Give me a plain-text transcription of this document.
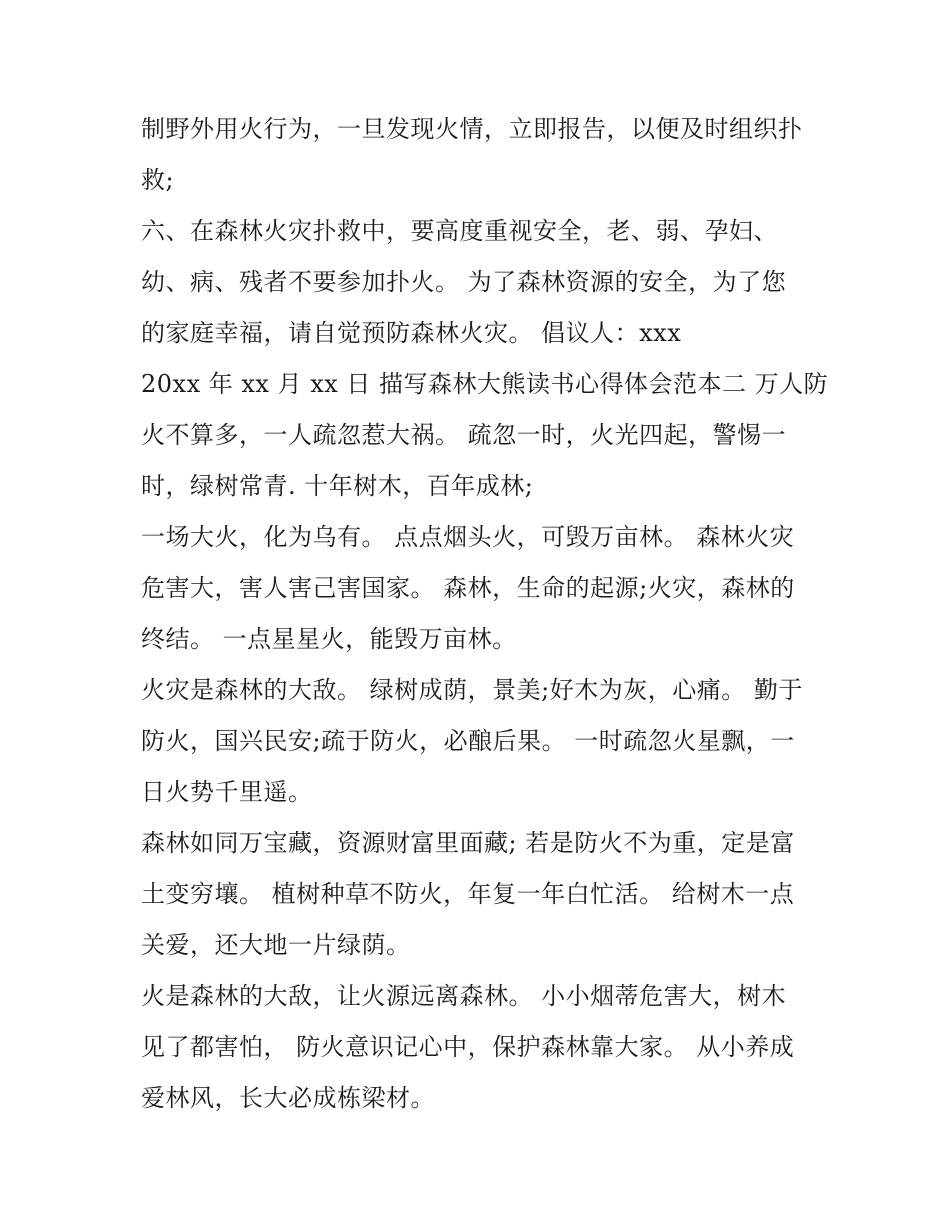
制野外用火行为，一旦发现火情，立即报告，以便及时组织扑
救;
六、在森林火灾扑救中，要高度重视安全，老、弱、孕妇、
幼、病、残者不要参加扑火。 为了森林资源的安全，为了您
的家庭幸福，请自觉预防森林火灾。 倡议人：xxx
20xx 年 xx 月 xx 日 描写森林大熊读书心得体会范本二 万人防
火不算多，一人疏忽惹大祸。 疏忽一时，火光四起，警惕一
时，绿树常青. 十年树木，百年成林;
一场大火，化为乌有。 点点烟头火，可毁万亩林。 森林火灾
危害大，害人害己害国家。 森林，生命的起源;火灾，森林的
终结。 一点星星火，能毁万亩林。
火灾是森林的大敌。 绿树成荫，景美;好木为灰，心痛。 勤于
防火，国兴民安;疏于防火，必酿后果。 一时疏忽火星飘，一
日火势千里遥。
森林如同万宝藏，资源财富里面藏; 若是防火不为重，定是富
土变穷壤。 植树种草不防火，年复一年白忙活。 给树木一点
关爱，还大地一片绿荫。
火是森林的大敌，让火源远离森林。 小小烟蒂危害大，树木
见了都害怕， 防火意识记心中，保护森林靠大家。 从小养成
爱林风，长大必成栋梁材。
